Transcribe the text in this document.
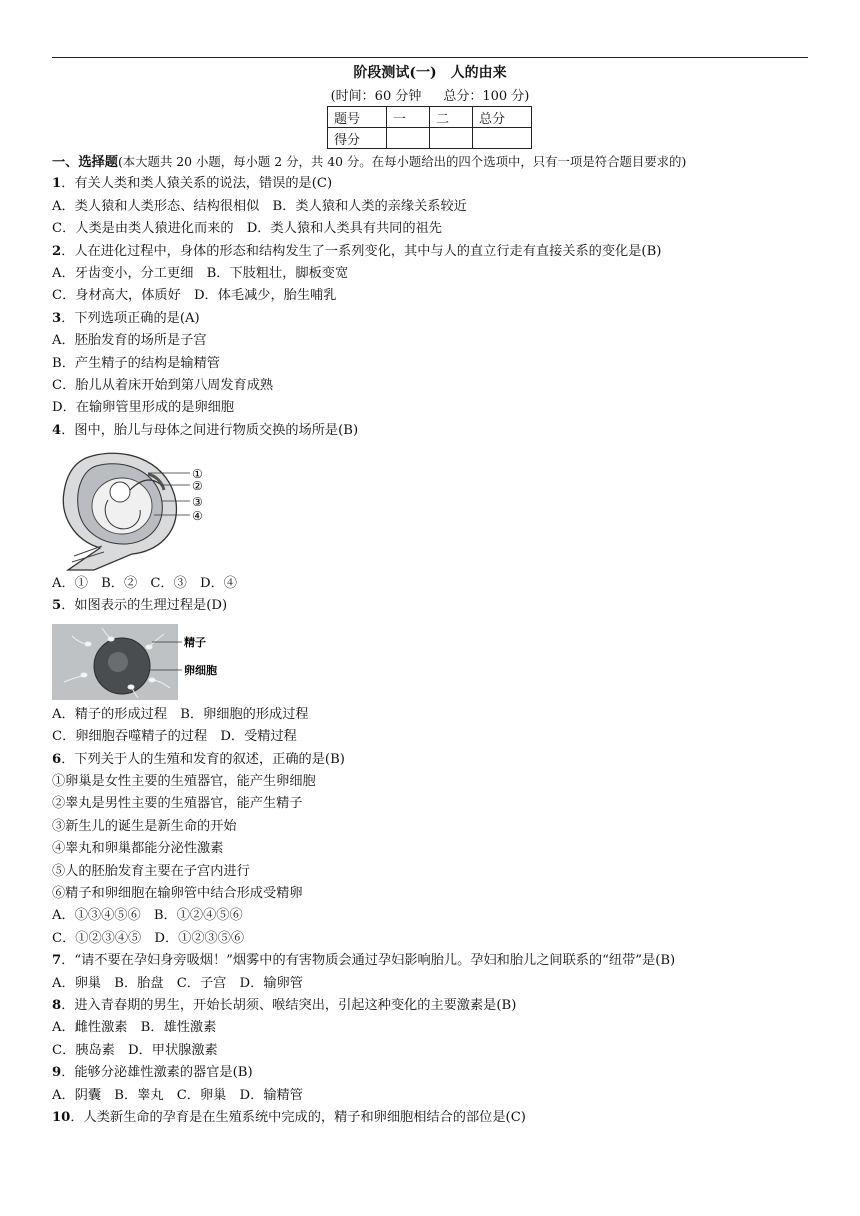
阶段测试(一)　人的由来
(时间：60 分钟 总分：100 分)
题号	一	二	总分
得分			
一、选择题(本大题共 20 小题，每小题 2 分，共 40 分。在每小题给出的四个选项中，只有一项是符合题目要求的)
1．有关人类和类人猿关系的说法，错误的是(C)
A．类人猿和人类形态、结构很相似　B．类人猿和人类的亲缘关系较近
C．人类是由类人猿进化而来的　D．类人猿和人类具有共同的祖先
2．人在进化过程中，身体的形态和结构发生了一系列变化，其中与人的直立行走有直接关系的变化是(B)
A．牙齿变小，分工更细　B．下肢粗壮，脚板变宽
C．身材高大，体质好　D．体毛减少，胎生哺乳
3．下列选项正确的是(A)
A．胚胎发育的场所是子宫
B．产生精子的结构是输精管
C．胎儿从着床开始到第八周发育成熟
D．在输卵管里形成的是卵细胞
4．图中，胎儿与母体之间进行物质交换的场所是(B)
①
②
③
④
A．①　B．②　C．③　D．④
5．如图表示的生理过程是(D)
精子
卵细胞
A．精子的形成过程　B．卵细胞的形成过程
C．卵细胞吞噬精子的过程　D．受精过程
6．下列关于人的生殖和发育的叙述，正确的是(B)
①卵巢是女性主要的生殖器官，能产生卵细胞
②睾丸是男性主要的生殖器官，能产生精子
③新生儿的诞生是新生命的开始
④睾丸和卵巢都能分泌性激素
⑤人的胚胎发育主要在子宫内进行
⑥精子和卵细胞在输卵管中结合形成受精卵
A．①③④⑤⑥　B．①②④⑤⑥
C．①②③④⑤　D．①②③⑤⑥
7．“请不要在孕妇身旁吸烟！”烟雾中的有害物质会通过孕妇影响胎儿。孕妇和胎儿之间联系的“纽带”是(B)
A．卵巢　B．胎盘　C．子宫　D．输卵管
8．进入青春期的男生，开始长胡须、喉结突出，引起这种变化的主要激素是(B)
A．雌性激素　B．雄性激素
C．胰岛素　D．甲状腺激素
9．能够分泌雄性激素的器官是(B)
A．阴囊　B．睾丸　C．卵巢　D．输精管
10．人类新生命的孕育是在生殖系统中完成的，精子和卵细胞相结合的部位是(C)
